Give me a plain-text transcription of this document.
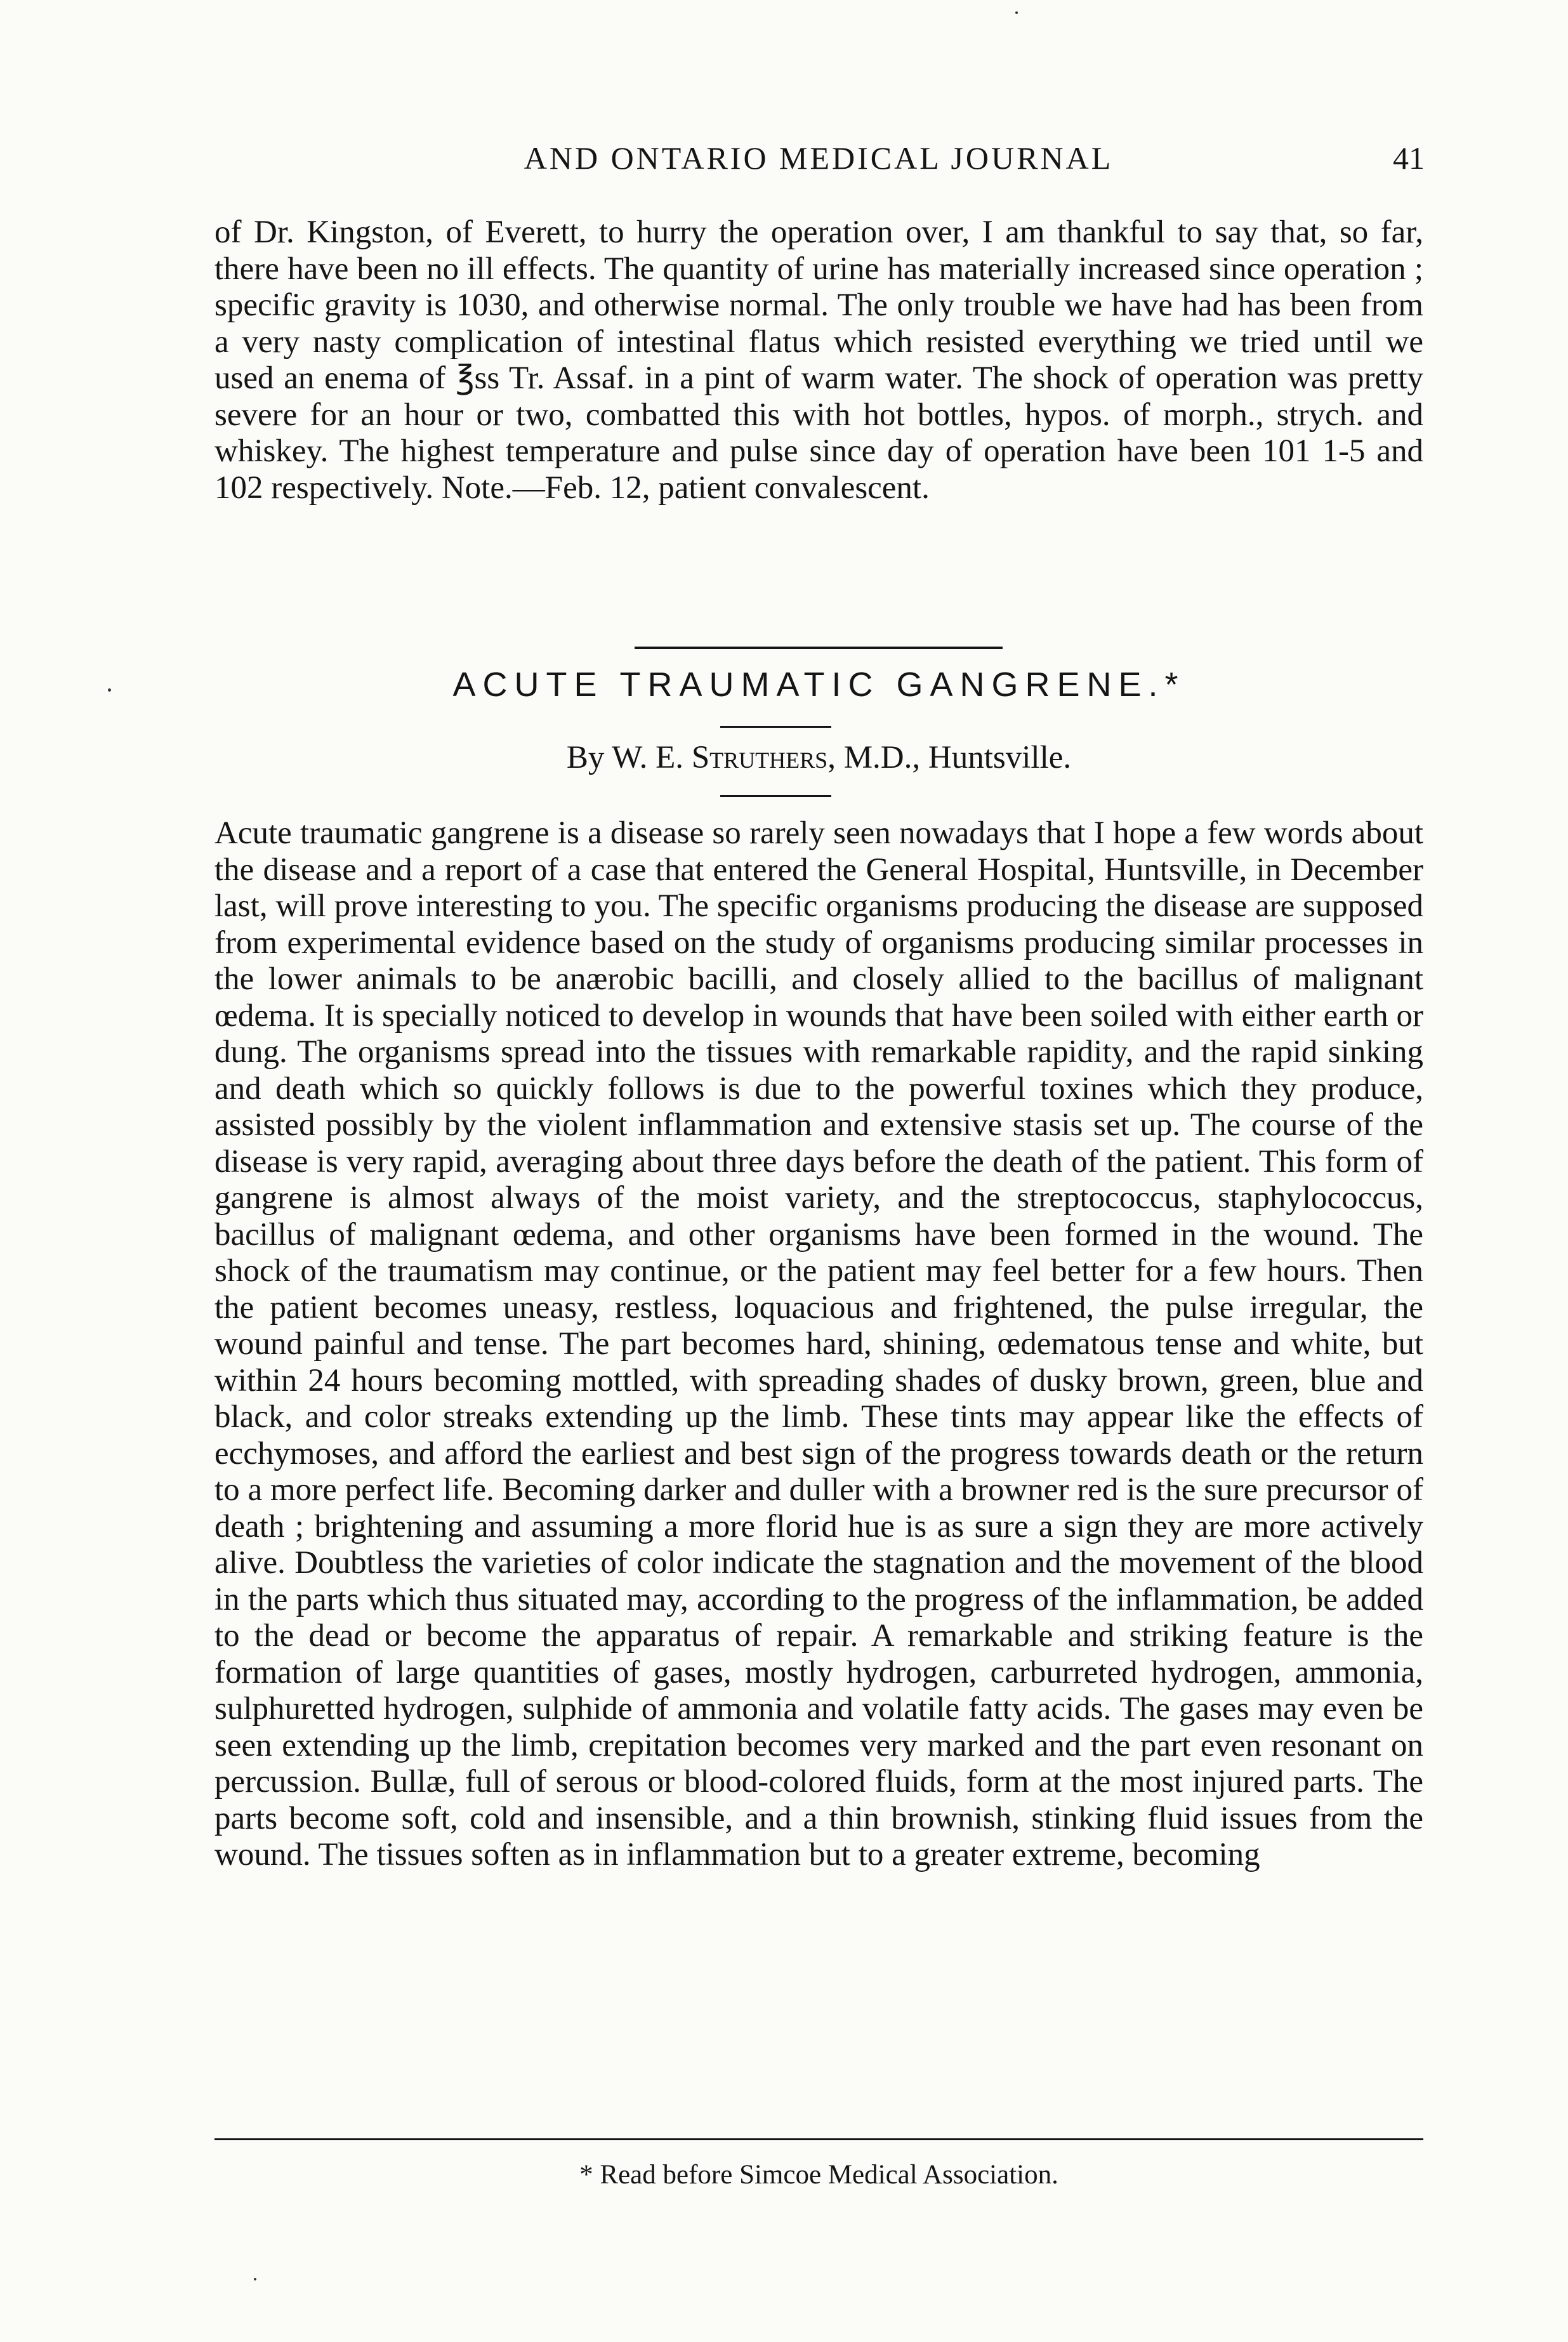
AND ONTARIO MEDICAL JOURNAL	41

of Dr. Kingston, of Everett, to hurry the operation over, I am thankful to say that, so far, there have been no ill effects. The quantity of urine has materially increased since operation ; specific gravity is 1030, and otherwise normal. The only trouble we have had has been from a very nasty complication of intestinal flatus which resisted everything we tried until we used an enema of ℥ss Tr. Assaf. in a pint of warm water. The shock of operation was pretty severe for an hour or two, combatted this with hot bottles, hypos. of morph., strych. and whiskey. The highest temperature and pulse since day of operation have been 101 1-5 and 102 respectively. Note.—Feb. 12, patient convalescent.

ACUTE TRAUMATIC GANGRENE.*
By W. E. Struthers, M.D., Huntsville.

Acute traumatic gangrene is a disease so rarely seen nowadays that I hope a few words about the disease and a report of a case that entered the General Hospital, Huntsville, in December last, will prove interesting to you. The specific organisms producing the disease are supposed from experimental evidence based on the study of organisms producing similar processes in the lower animals to be anærobic bacilli, and closely allied to the bacillus of malignant œdema. It is specially noticed to develop in wounds that have been soiled with either earth or dung. The organisms spread into the tissues with remarkable rapidity, and the rapid sinking and death which so quickly follows is due to the powerful toxines which they produce, assisted possibly by the violent inflammation and extensive stasis set up. The course of the disease is very rapid, averaging about three days before the death of the patient. This form of gangrene is almost always of the moist variety, and the streptococcus, staphylococcus, bacillus of malignant œdema, and other organisms have been formed in the wound. The shock of the traumatism may continue, or the patient may feel better for a few hours. Then the patient becomes uneasy, restless, loquacious and frightened, the pulse irregular, the wound painful and tense. The part becomes hard, shining, œdematous tense and white, but within 24 hours becoming mottled, with spreading shades of dusky brown, green, blue and black, and color streaks extending up the limb. These tints may appear like the effects of ecchymoses, and afford the earliest and best sign of the progress towards death or the return to a more perfect life. Becoming darker and duller with a browner red is the sure precursor of death ; brightening and assuming a more florid hue is as sure a sign they are more actively alive. Doubtless the varieties of color indicate the stagnation and the movement of the blood in the parts which thus situated may, according to the progress of the inflammation, be added to the dead or become the apparatus of repair. A remarkable and striking feature is the formation of large quantities of gases, mostly hydrogen, carburreted hydrogen, ammonia, sulphuretted hydrogen, sulphide of ammonia and volatile fatty acids. The gases may even be seen extending up the limb, crepitation becomes very marked and the part even resonant on percussion. Bullæ, full of serous or blood-colored fluids, form at the most injured parts. The parts become soft, cold and insensible, and a thin brownish, stinking fluid issues from the wound. The tissues soften as in inflammation but to a greater extreme, becoming

* Read before Simcoe Medical Association.
